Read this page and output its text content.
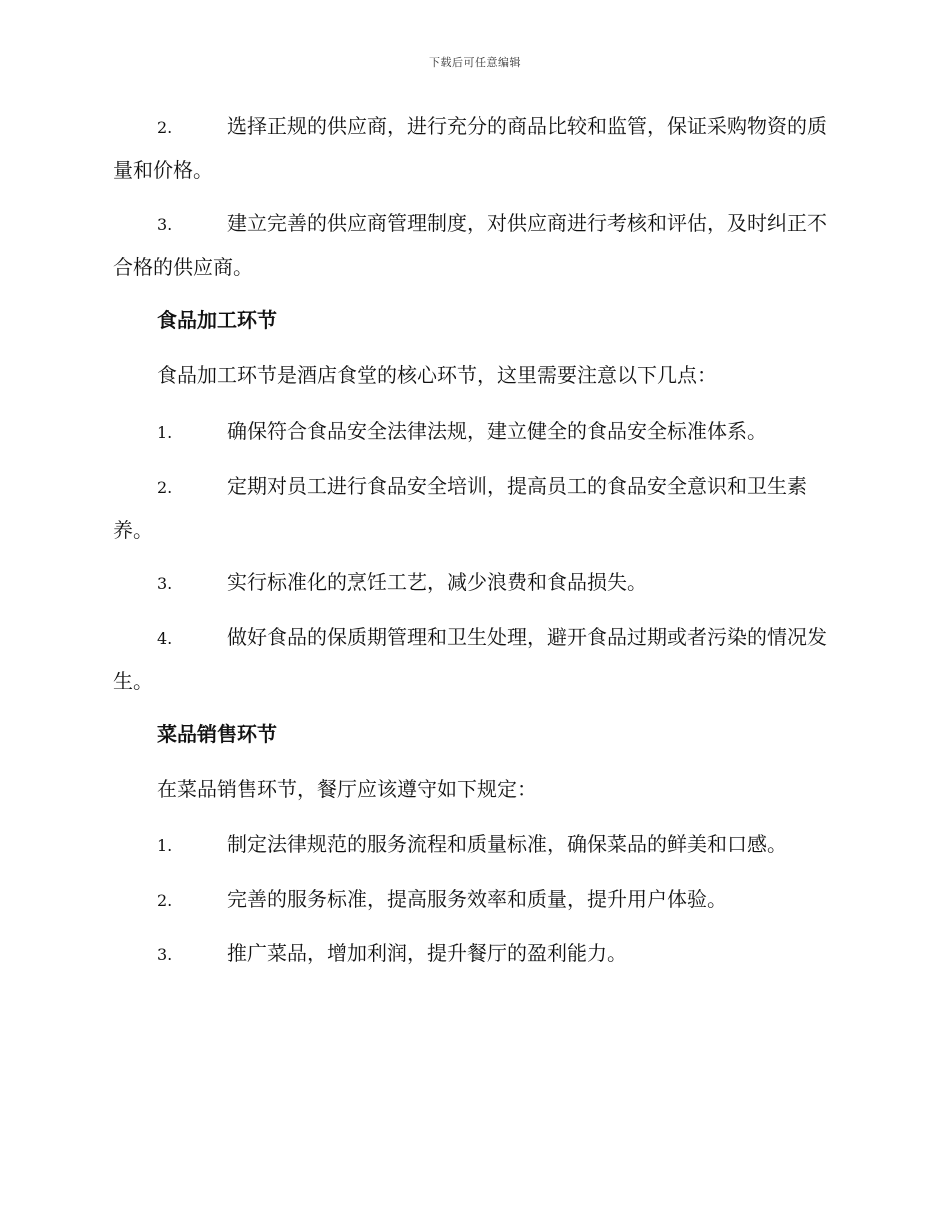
下载后可任意编辑
2.	选择正规的供应商，进行充分的商品比较和监管，保证采购物资的质量和价格。
3.	建立完善的供应商管理制度，对供应商进行考核和评估，及时纠正不合格的供应商。
食品加工环节
食品加工环节是酒店食堂的核心环节，这里需要注意以下几点：
1.	确保符合食品安全法律法规，建立健全的食品安全标准体系。
2.	定期对员工进行食品安全培训，提高员工的食品安全意识和卫生素养。
3.	实行标准化的烹饪工艺，减少浪费和食品损失。
4.	做好食品的保质期管理和卫生处理，避开食品过期或者污染的情况发生。
菜品销售环节
在菜品销售环节，餐厅应该遵守如下规定：
1.	制定法律规范的服务流程和质量标准，确保菜品的鲜美和口感。
2.	完善的服务标准，提高服务效率和质量，提升用户体验。
3.	推广菜品，增加利润，提升餐厅的盈利能力。
